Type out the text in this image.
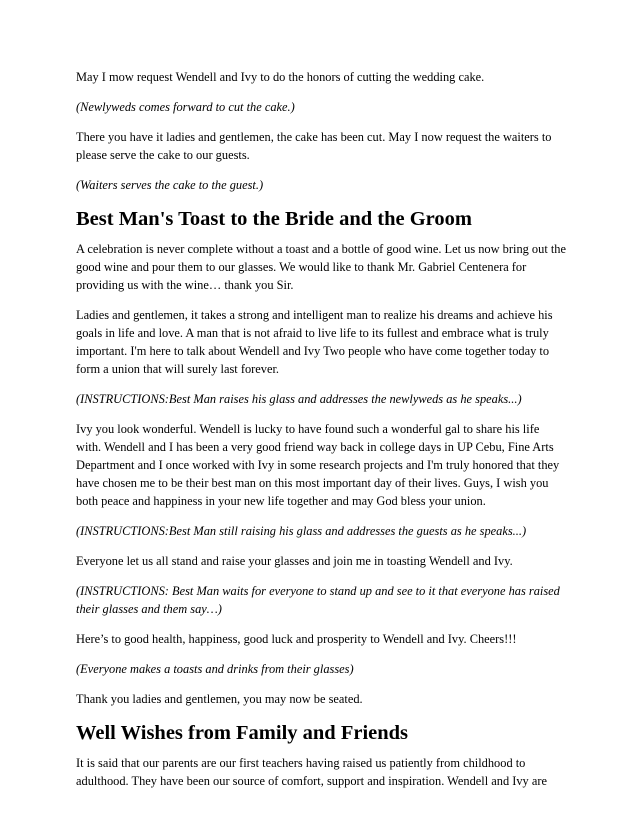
May I mow request Wendell and Ivy to do the honors of cutting the wedding cake.

(Newlyweds comes forward to cut the cake.)

There you have it ladies and gentlemen, the cake has been cut. May I now request the waiters to please serve the cake to our guests.

(Waiters serves the cake to the guest.)

Best Man's Toast to the Bride and the Groom

A celebration is never complete without a toast and a bottle of good wine. Let us now bring out the good wine and pour them to our glasses. We would like to thank Mr. Gabriel Centenera for providing us with the wine… thank you Sir.

Ladies and gentlemen, it takes a strong and intelligent man to realize his dreams and achieve his goals in life and love. A man that is not afraid to live life to its fullest and embrace what is truly important. I'm here to talk about Wendell and Ivy Two people who have come together today to form a union that will surely last forever.

(INSTRUCTIONS:Best Man raises his glass and addresses the newlyweds as he speaks...)

Ivy you look wonderful. Wendell is lucky to have found such a wonderful gal to share his life with. Wendell and I has been a very good friend way back in college days in UP Cebu, Fine Arts Department and I once worked with Ivy in some research projects and I'm truly honored that they have chosen me to be their best man on this most important day of their lives. Guys, I wish you both peace and happiness in your new life together and may God bless your union.

(INSTRUCTIONS:Best Man still raising his glass and addresses the guests as he speaks...)

Everyone let us all stand and raise your glasses and join me in toasting Wendell and Ivy.

(INSTRUCTIONS: Best Man waits for everyone to stand up and see to it that everyone has raised their glasses and them say…)

Here’s to good health, happiness, good luck and prosperity to Wendell and Ivy. Cheers!!!

(Everyone makes a toasts and drinks from their glasses)

Thank you ladies and gentlemen, you may now be seated.

Well Wishes from Family and Friends

It is said that our parents are our first teachers having raised us patiently from childhood to adulthood. They have been our source of comfort, support and inspiration. Wendell and Ivy are
